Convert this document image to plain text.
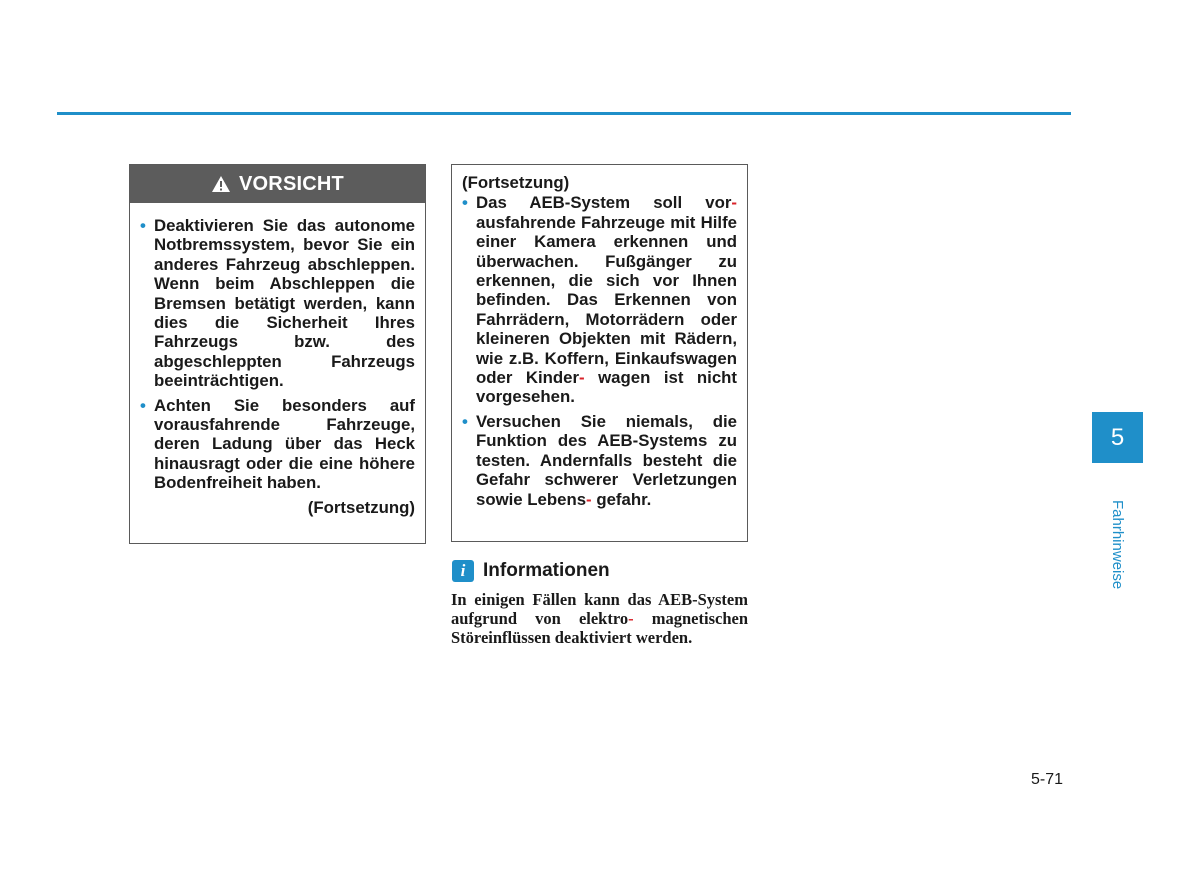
VORSICHT
• Deaktivieren Sie das autonome Notbremssystem, bevor Sie ein anderes Fahrzeug abschleppen. Wenn beim Abschleppen die Bremsen betätigt werden, kann dies die Sicherheit Ihres Fahrzeugs bzw. des abgeschleppten Fahrzeugs beeinträchtigen.
• Achten Sie besonders auf vorausfahrende Fahrzeuge, deren Ladung über das Heck hinausragt oder die eine höhere Bodenfreiheit haben.
(Fortsetzung)
(Fortsetzung)
• Das AEB-System soll vor- ausfahrende Fahrzeuge mit Hilfe einer Kamera erkennen und überwachen. Fußgänger zu erkennen, die sich vor Ihnen befinden. Das Erkennen von Fahrrädern, Motorrädern oder kleineren Objekten mit Rädern, wie z.B. Koffern, Einkaufswagen oder Kinder- wagen ist nicht vorgesehen.
• Versuchen Sie niemals, die Funktion des AEB-Systems zu testen. Andernfalls besteht die Gefahr schwerer Verletzungen sowie Lebens- gefahr.
i Informationen
In einigen Fällen kann das AEB-System aufgrund von elektro- magnetischen Störeinflüssen deaktiviert werden.
5
Fahrhinweise
5-71
